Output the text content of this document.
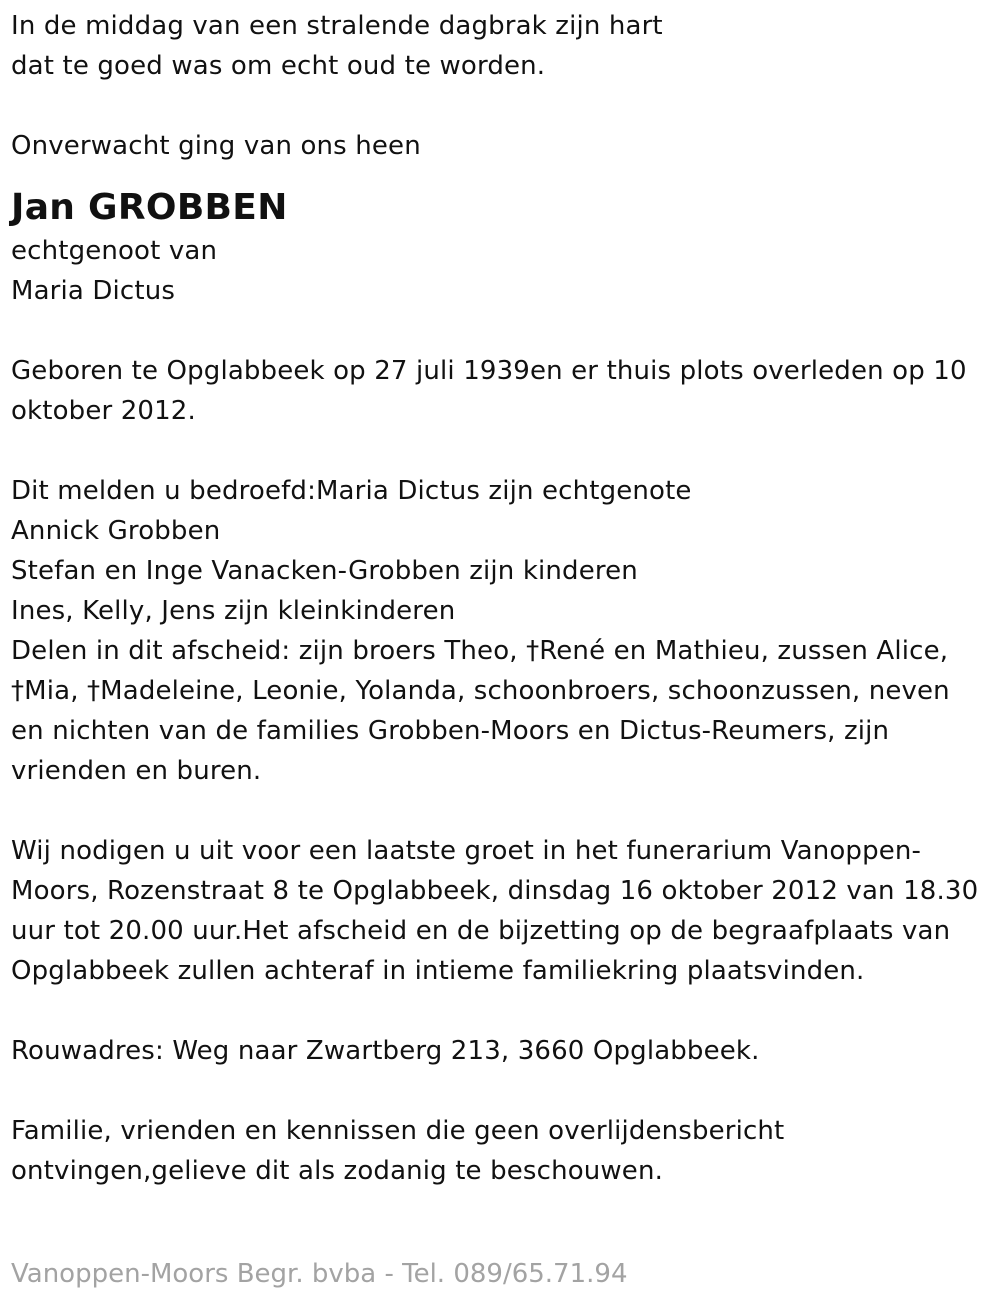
In de middag van een stralende dagbrak zijn hart
dat te goed was om echt oud te worden.
Onverwacht ging van ons heen
Jan GROBBEN
echtgenoot van
Maria Dictus
Geboren te Opglabbeek op 27 juli 1939en er thuis plots overleden op 10
oktober 2012.
Dit melden u bedroefd:Maria Dictus zijn echtgenote
Annick Grobben
Stefan en Inge Vanacken-Grobben zijn kinderen
Ines, Kelly, Jens zijn kleinkinderen
Delen in dit afscheid: zijn broers Theo, †René en Mathieu, zussen Alice,
†Mia, †Madeleine, Leonie, Yolanda, schoonbroers, schoonzussen, neven
en nichten van de families Grobben-Moors en Dictus-Reumers, zijn
vrienden en buren.
Wij nodigen u uit voor een laatste groet in het funerarium Vanoppen-
Moors, Rozenstraat 8 te Opglabbeek, dinsdag 16 oktober 2012 van 18.30
uur tot 20.00 uur.Het afscheid en de bijzetting op de begraafplaats van
Opglabbeek zullen achteraf in intieme familiekring plaatsvinden.
Rouwadres: Weg naar Zwartberg 213, 3660 Opglabbeek.
Familie, vrienden en kennissen die geen overlijdensbericht
ontvingen,gelieve dit als zodanig te beschouwen.
Vanoppen-Moors Begr. bvba - Tel. 089/65.71.94
